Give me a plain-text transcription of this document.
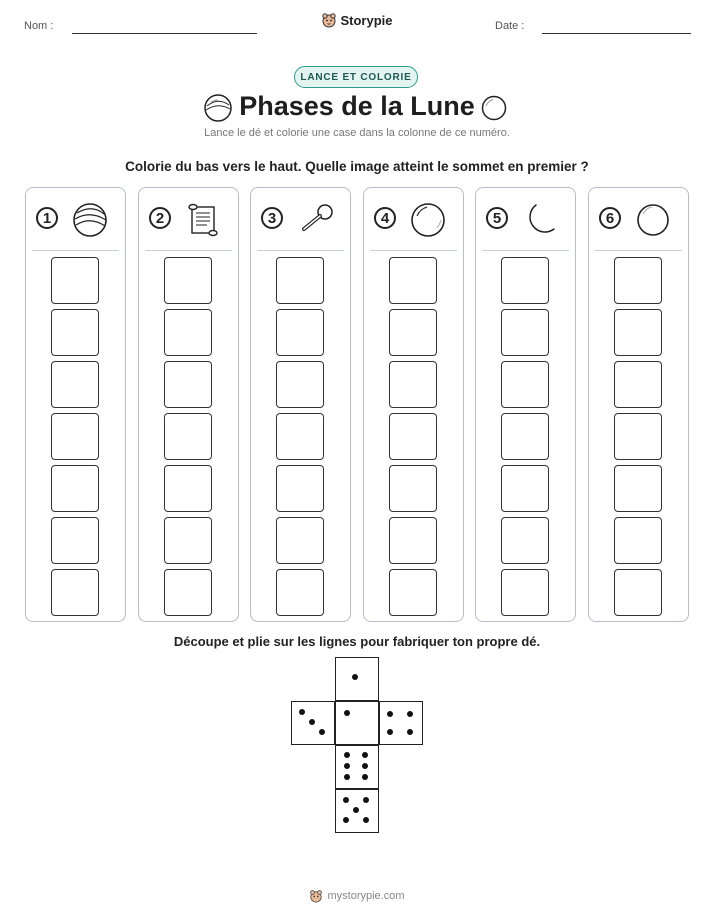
Nom :	Storypie	Date :
LANCE ET COLORIE
Phases de la Lune
Lance le dé et colorie une case dans la colonne de ce numéro.
Colorie du bas vers le haut. Quelle image atteint le sommet en premier ?
1	2	3	4	5	6
Découpe et plie sur les lignes pour fabriquer ton propre dé.
mystorypie.com
